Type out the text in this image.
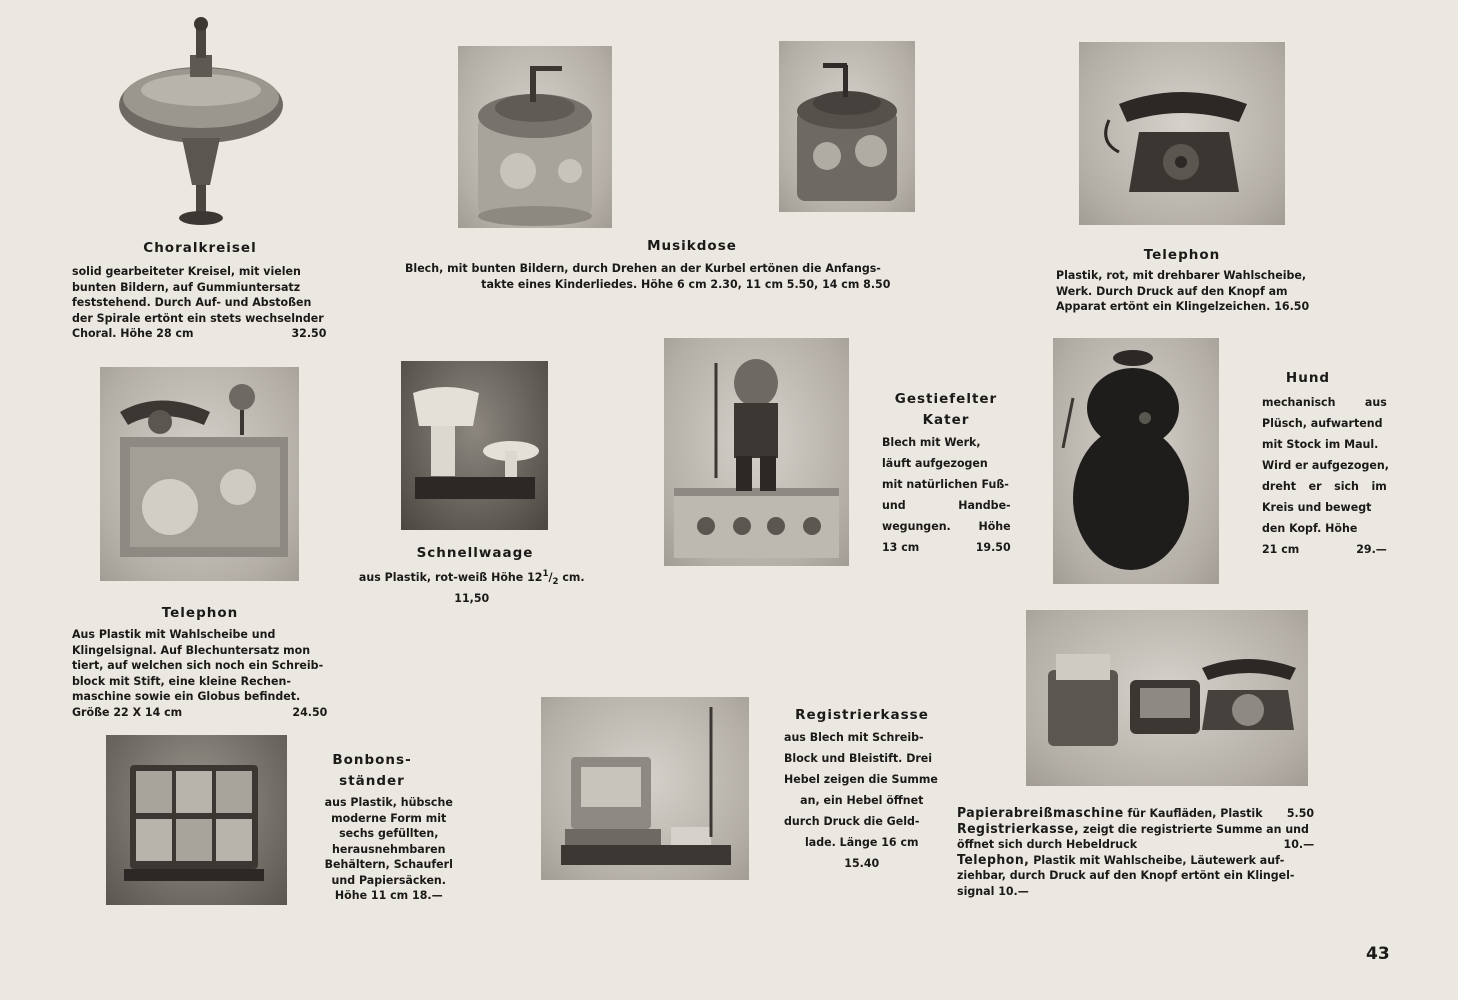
Choralkreisel
solid gearbeiteter Kreisel, mit vielen
bunten Bildern, auf Gummiuntersatz
feststehend. Durch Auf- und Abstoßen
der Spirale ertönt ein stets wechselnder
Choral. Höhe 28 cm	32.50
Musikdose
Blech, mit bunten Bildern, durch Drehen an der Kurbel ertönen die Anfangs-
takte eines Kinderliedes. Höhe 6 cm 2.30, 11 cm 5.50, 14 cm 8.50
Telephon
Plastik, rot, mit drehbarer Wahlscheibe,
Werk. Durch Druck auf den Knopf am
Apparat ertönt ein Klingelzeichen. 16.50
Telephon
Aus Plastik mit Wahlscheibe und
Klingelsignal. Auf Blechuntersatz mon
tiert, auf welchen sich noch ein Schreib-
block mit Stift, eine kleine Rechen-
maschine sowie ein Globus befindet.
Größe 22 X 14 cm	24.50
Schnellwaage
aus Plastik, rot-weiß Höhe $12^1/_2$ cm.
11,50
Gestiefelter
Kater
Blech mit Werk,
läuft aufgezogen
mit natürlichen Fuß-
und Handbe-
wegungen. Höhe
13 cm	19.50
Hund
mechanisch aus
Plüsch, aufwartend
mit Stock im Maul.
Wird er aufgezogen,
dreht er sich im
Kreis und bewegt
den Kopf. Höhe
21 cm	29.—
Bonbons-
ständer
aus Plastik, hübsche
moderne Form mit
sechs gefüllten,
herausnehmbaren
Behältern, Schauferl
und Papiersäcken.
Höhe 11 cm 18.—
Registrierkasse
aus Blech mit Schreib-
Block und Bleistift. Drei
Hebel zeigen die Summe
an, ein Hebel öffnet
durch Druck die Geld-
lade. Länge 16 cm
15.40
Papierabreißmaschine für Kaufläden, Plastik 5.50
Registrierkasse, zeigt die registrierte Summe an und
öffnet sich durch Hebeldruck	10.—
Telephon, Plastik mit Wahlscheibe, Läutewerk auf-
ziehbar, durch Druck auf den Knopf ertönt ein Klingel-
signal 10.—
43
